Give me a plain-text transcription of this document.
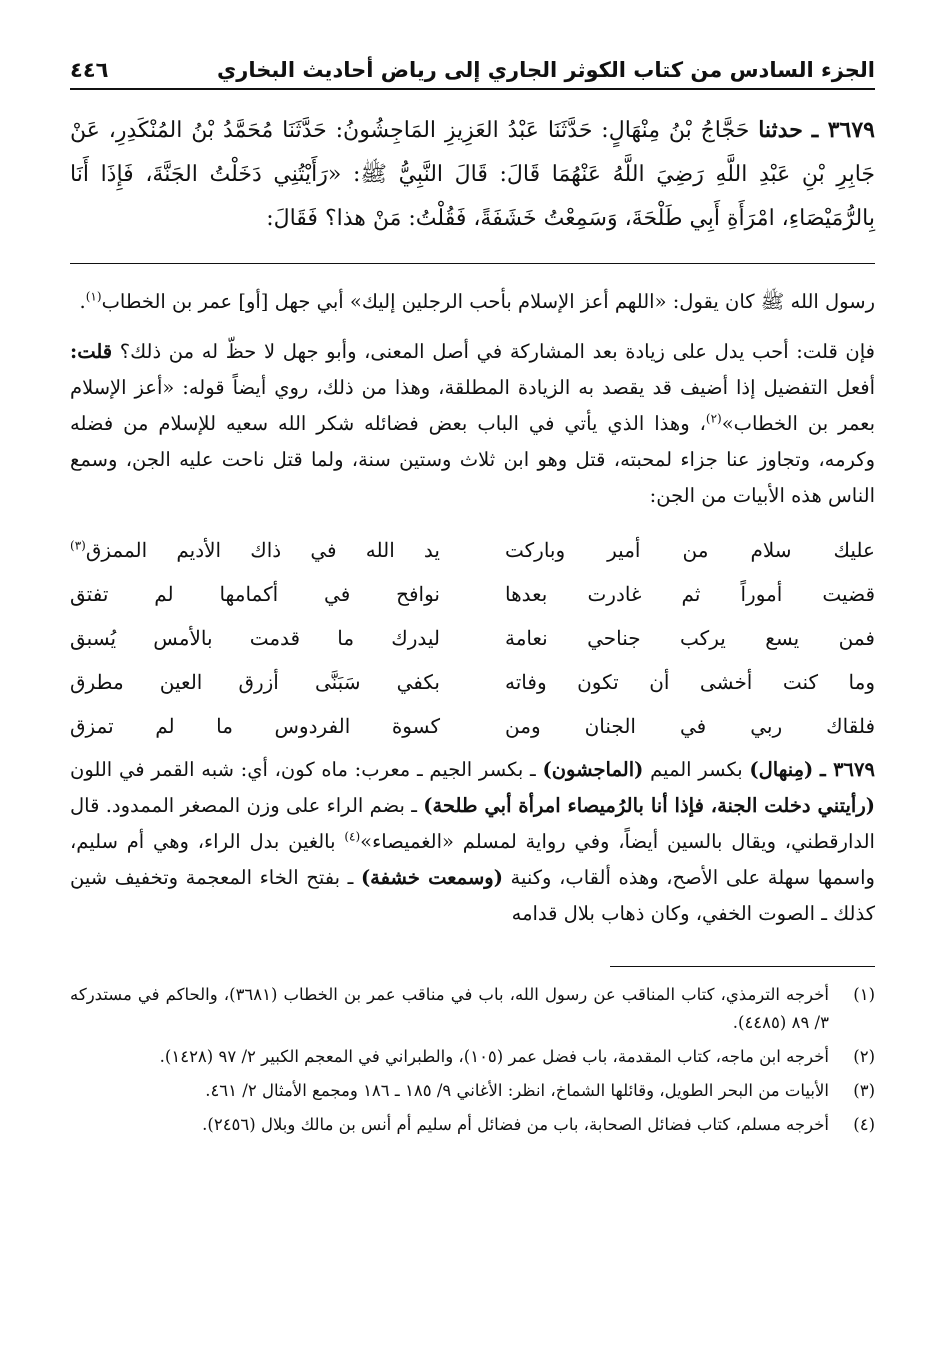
الجزء السادس من كتاب الكوثر الجاري إلى رياض أحاديث البخاري
٤٤٦
٣٦٧٩ ـ حدثنا حَجَّاجُ بْنُ مِنْهَالٍ: حَدَّثَنَا عَبْدُ العَزِيزِ المَاجِشُونُ: حَدَّثَنَا مُحَمَّدُ بْنُ المُنْكَدِرِ، عَنْ جَابِرِ بْنِ عَبْدِ اللَّهِ رَضِيَ اللَّهُ عَنْهُمَا قَالَ: قَالَ النَّبِيُّ ﷺ: «رَأَيْتُنِي دَخَلْتُ الجَنَّةَ، فَإِذَا أَنَا بِالرُّمَيْصَاءِ، امْرَأَةِ أَبِي طَلْحَةَ، وَسَمِعْتُ خَشَفَةً، فَقُلْتُ: مَنْ هذا؟ فَقَالَ:

رسول الله ﷺ كان يقول: «اللهم أعز الإسلام بأحب الرجلين إليك» أبي جهل [أو] عمر بن الخطاب$^{(١)}$.

فإن قلت: أحب يدل على زيادة بعد المشاركة في أصل المعنى، وأبو جهل لا حظّ له من ذلك؟ قلت: أفعل التفضيل إذا أضيف قد يقصد به الزيادة المطلقة، وهذا من ذلك، روي أيضاً قوله: «أعز الإسلام بعمر بن الخطاب»$^{(٢)}$، وهذا الذي يأتي في الباب بعض فضائله شكر الله سعيه للإسلام من فضله وكرمه، وتجاوز عنا جزاء لمحبته، قتل وهو ابن ثلاث وستين سنة، ولما قتل ناحت عليه الجن، وسمع الناس هذه الأبيات من الجن:

عليك سلام من أمير وباركت
يد الله في ذاك الأديم الممزق$^{(٣)}$
قضيت أموراً ثم غادرت بعدها
نوافح في أكمامها لم تفتق
فمن يسع يركب جناحي نعامة
ليدرك ما قدمت بالأمس يُسبق
وما كنت أخشى أن تكون وفاته
بكفي سَبَنَّى أزرق العين مطرق
فلقاك ربي في الجنان ومن
كسوة الفردوس ما لم تمزق

٣٦٧٩ ـ (مِنهال) بكسر الميم (الماجشون) ـ بكسر الجيم ـ معرب: ماه كون، أي: شبه القمر في اللون (رأيتني دخلت الجنة، فإذا أنا بالرُميصاء امرأة أبي طلحة) ـ بضم الراء على وزن المصغر الممدود. قال الدارقطني، ويقال بالسين أيضاً، وفي رواية لمسلم «الغميصاء»$^{(٤)}$ بالغين بدل الراء، وهي أم سليم، واسمها سهلة على الأصح، وهذه ألقاب، وكنية (وسمعت خشفة) ـ بفتح الخاء المعجمة وتخفيف شين كذلك ـ الصوت الخفي، وكان ذهاب بلال قدامه

(١)
أخرجه الترمذي، كتاب المناقب عن رسول الله، باب في مناقب عمر بن الخطاب (٣٦٨١)، والحاكم في مستدركه ٣/ ٨٩ (٤٤٨٥).
(٢)
أخرجه ابن ماجه، كتاب المقدمة، باب فضل عمر (١٠٥)، والطبراني في المعجم الكبير ٢/ ٩٧ (١٤٢٨).
(٣)
الأبيات من البحر الطويل، وقائلها الشماخ، انظر: الأغاني ٩/ ١٨٥ ـ ١٨٦ ومجمع الأمثال ٢/ ٤٦١.
(٤)
أخرجه مسلم، كتاب فضائل الصحابة، باب من فضائل أم سليم أم أنس بن مالك وبلال (٢٤٥٦).
